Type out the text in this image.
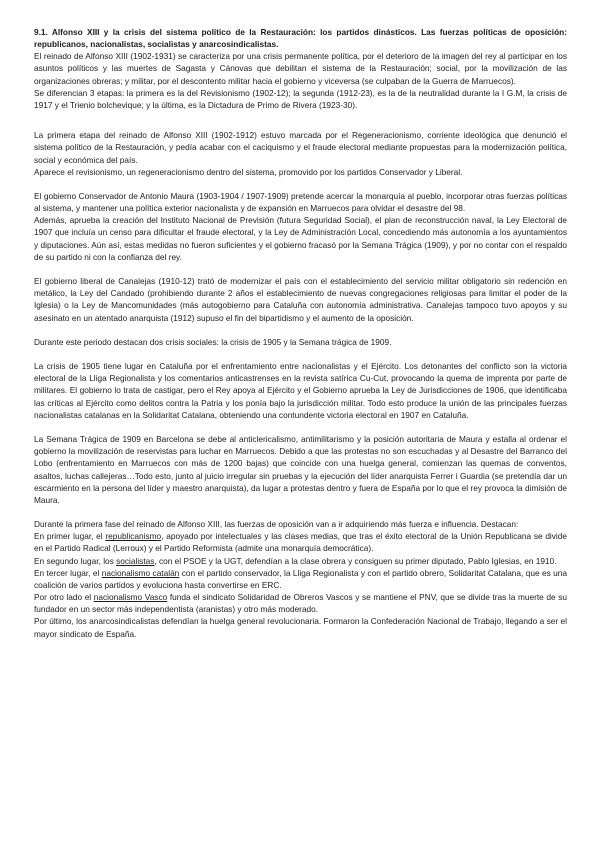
9.1. Alfonso XIII y la crisis del sistema político de la Restauración: los partidos dinásticos. Las fuerzas políticas de oposición: republicanos, nacionalistas, socialistas y anarcosindicalistas.

El reinado de Alfonso XIII (1902-1931) se caracteriza por una crisis permanente política, por el deterioro de la imagen del rey al participar en los asuntos políticos y las muertes de Sagasta y Cánovas que debilitan el sistema de la Restauración; social, por la movilización de las organizaciones obreras; y militar, por el descontento militar hacia el gobierno y viceversa (se culpaban de la Guerra de Marruecos).

Se diferencian 3 etapas: la primera es la del Revisionismo (1902-12); la segunda (1912-23), es la de la neutralidad durante la I G.M, la crisis de 1917 y el Trienio bolchevique; y la última, es la Dictadura de Primo de Rivera (1923-30).

La primera etapa del reinado de Alfonso XIII (1902-1912) estuvo marcada por el Regeneracionismo, corriente ideológica que denunció el sistema político de la Restauración, y pedía acabar con el caciquismo y el fraude electoral mediante propuestas para la modernización política, social y económica del país.

Aparece el revisionismo, un regeneracionismo dentro del sistema, promovido por los partidos Conservador y Liberal.

El gobierno Conservador de Antonio Maura (1903-1904 / 1907-1909) pretende acercar la monarquía al pueblo, incorporar otras fuerzas políticas al sistema, y mantener una política exterior nacionalista y de expansión en Marruecos para olvidar el desastre del 98.

Además, aprueba la creación del Instituto Nacional de Previsión (futura Seguridad Social), el plan de reconstrucción naval, la Ley Electoral de 1907 que incluía un censo para dificultar el fraude electoral, y la Ley de Administración Local, concediendo más autonomía a los ayuntamientos y diputaciones. Aún así, estas medidas no fueron suficientes y el gobierno fracasó por la Semana Trágica (1909), y por no contar con el respaldo de su partido ni con la confianza del rey.

El gobierno liberal de Canalejas (1910-12) trató de modernizar el país con el establecimiento del servicio militar obligatorio sin redención en metálico, la Ley del Candado (prohibiendo durante 2 años el establecimiento de nuevas congregaciones religiosas para limitar el poder de la Iglesia) o la Ley de Mancomunidades (más autogobierno para Cataluña con autonomía administrativa. Canalejas tampoco tuvo apoyos y su asesinato en un atentado anarquista (1912) supuso el fin del bipartidismo y el aumento de la oposición.

Durante este periodo destacan dos crisis sociales: la crisis de 1905 y la Semana trágica de 1909.

La crisis de 1905 tiene lugar en Cataluña por el enfrentamiento entre nacionalistas y el Ejército. Los detonantes del conflicto son la victoria electoral de la Lliga Regionalista y los comentarios anticastrenses en la revista satírica Cu-Cut, provocando la quema de imprenta por parte de militares. El gobierno lo trata de castigar, pero el Rey apoya al Ejército y el Gobierno aprueba la Ley de Jurisdicciones de 1906, que identificaba las críticas al Ejército como delitos contra la Patria y los ponía bajo la jurisdicción militar. Todo esto produce la unión de las principales fuerzas nacionalistas catalanas en la Solidaritat Catalana, obteniendo una contundente victoria electoral en 1907 en Cataluña.

La Semana Trágica de 1909 en Barcelona se debe al anticlericalismo, antimilitarismo y la posición autoritaria de Maura y estalla al ordenar el gobierno la movilización de reservistas para luchar en Marruecos. Debido a que las protestas no son escuchadas y al Desastre del Barranco del Lobo (enfrentamiento en Marruecos con más de 1200 bajas) que coincide con una huelga general, comienzan las quemas de conventos, asaltos, luchas callejeras…Todo esto, junto al juicio irregular sin pruebas y la ejecución del líder anarquista Ferrer i Guardia (se pretendía dar un escarmiento en la persona del líder y maestro anarquista), da lugar a protestas dentro y fuera de España por lo que el rey provoca la dimisión de Maura.

Durante la primera fase del reinado de Alfonso XIII, las fuerzas de oposición van a ir adquiriendo más fuerza e influencia. Destacan:

En primer lugar, el republicanismo, apoyado por intelectuales y las clases medias, que tras el éxito electoral de la Unión Republicana se divide en el Partido Radical (Lerroux) y el Partido Reformista (admite una monarquía democrática).

En segundo lugar, los socialistas, con el PSOE y la UGT, defendían a la clase obrera y consiguen su primer diputado, Pablo Iglesias, en 1910.

En tercer lugar, el nacionalismo catalán con el partido conservador, la Lliga Regionalista y con el partido obrero, Solidaritat Catalana, que es una coalición de varios partidos y evoluciona hasta convertirse en ERC.

Por otro lado el nacionalismo Vasco funda el sindicato Solidaridad de Obreros Vascos y se mantiene el PNV, que se divide tras la muerte de su fundador en un sector más independentista (aranistas) y otro más moderado.

Por último, los anarcosindicalistas defendían la huelga general revolucionaria. Formaron la Confederación Nacional de Trabajo, llegando a ser el mayor sindicato de España.
